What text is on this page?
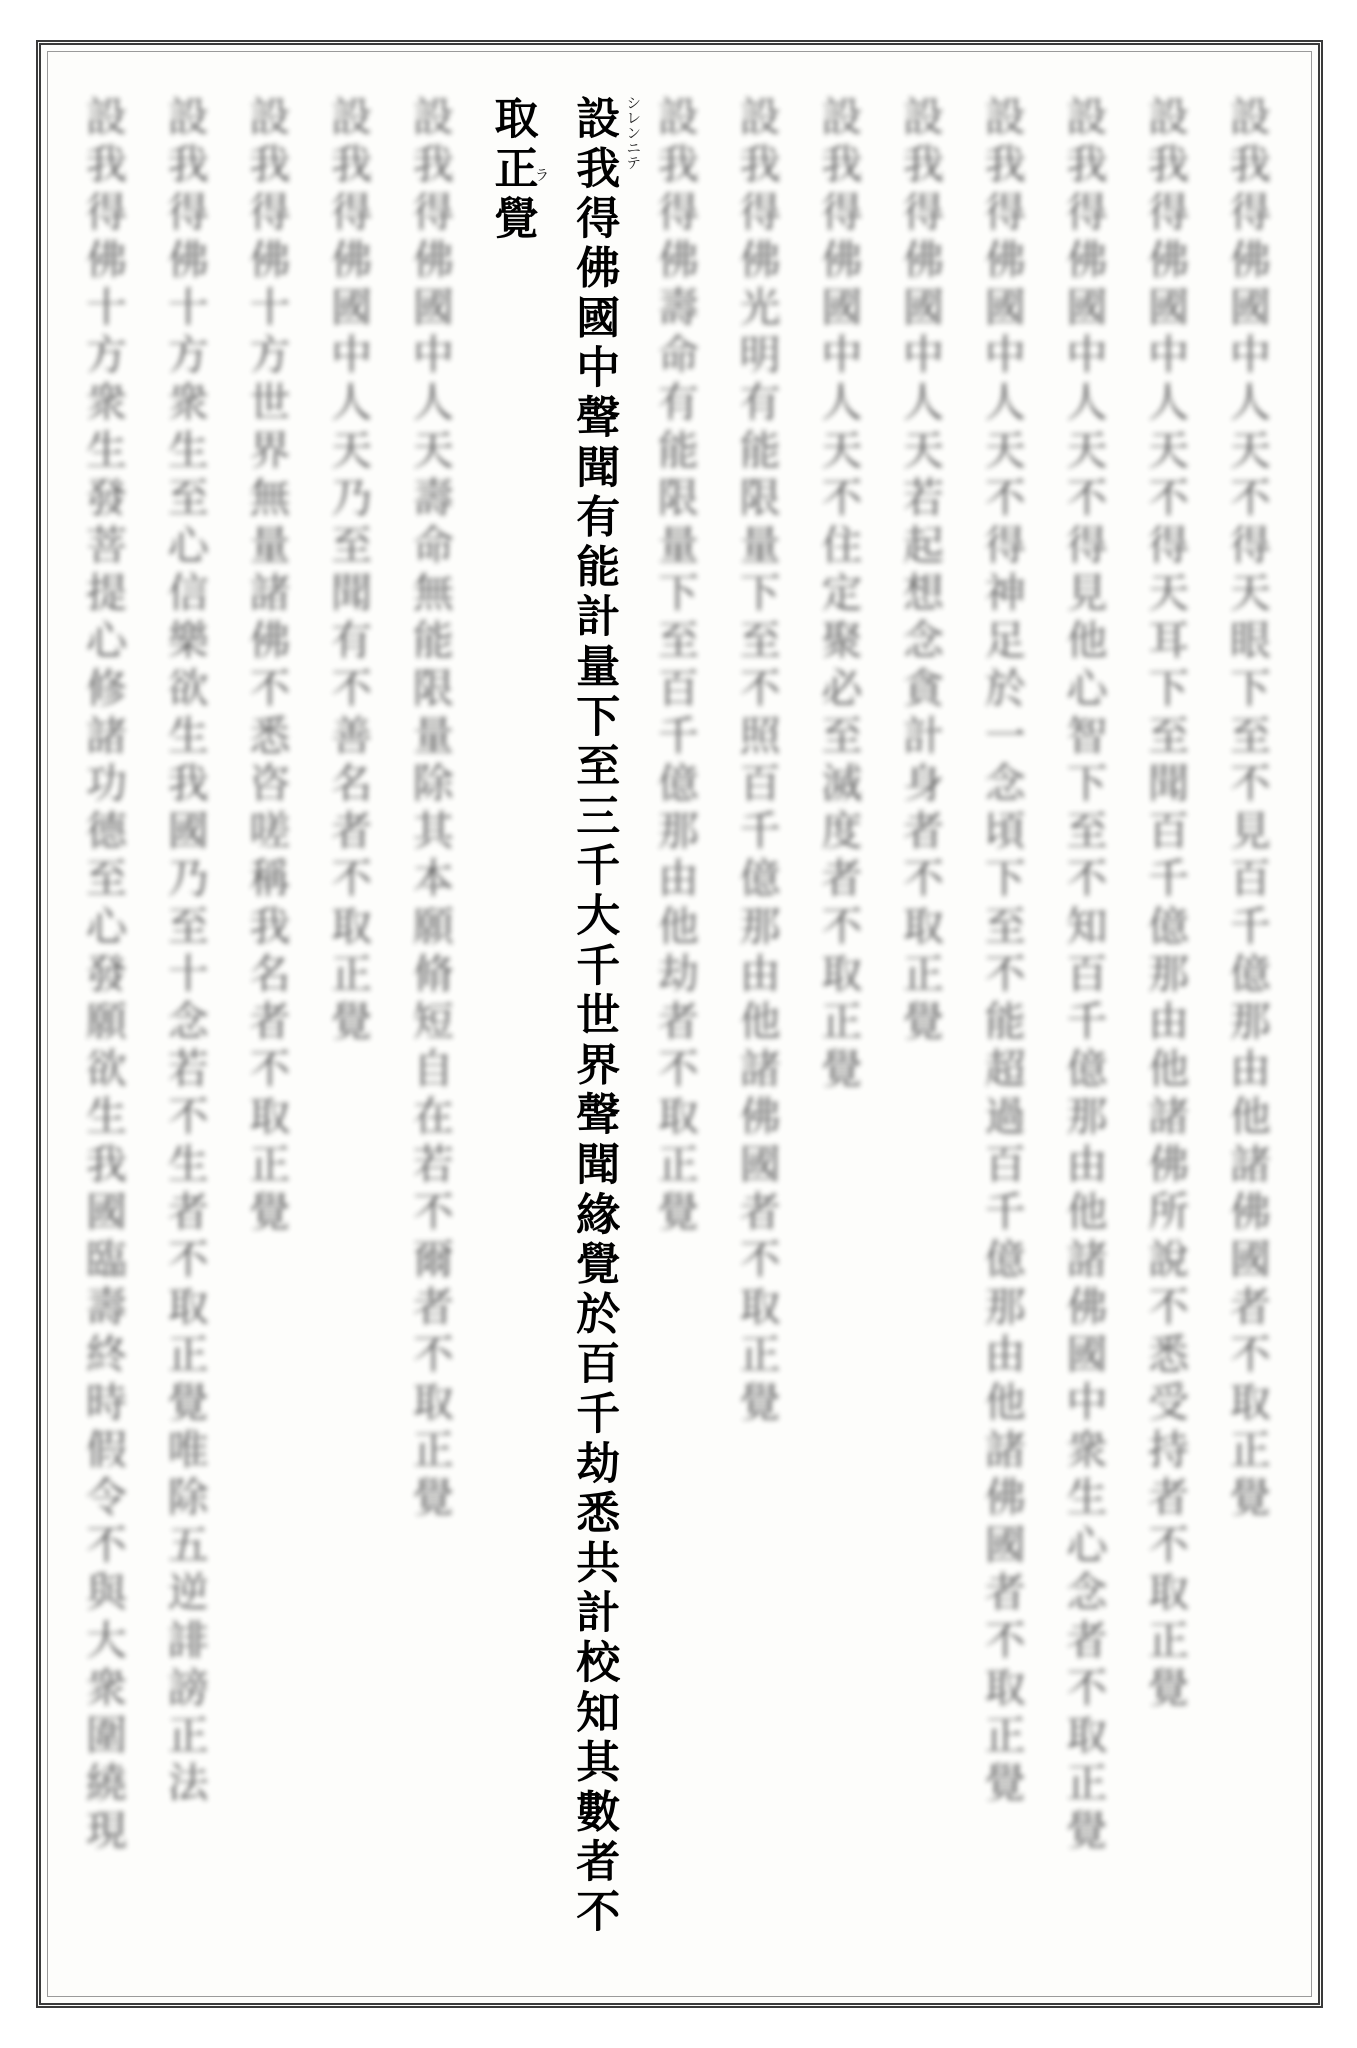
設我得佛國中人天不得天眼下至不見百千億那由他諸佛國者不取正覺
設我得佛國中人天不得天耳下至聞百千億那由他諸佛所說不悉受持者不取正覺
設我得佛國中人天不得見他心智下至不知百千億那由他諸佛國中衆生心念者不取正覺
設我得佛國中人天不得神足於一念頃下至不能超過百千億那由他諸佛國者不取正覺
設我得佛國中人天若起想念貪計身者不取正覺
設我得佛國中人天不住定聚必至滅度者不取正覺
設我得佛光明有能限量下至不照百千億那由他諸佛國者不取正覺
設我得佛壽命有能限量下至百千億那由他劫者不取正覺
設我得佛國中聲聞有能計量下至三千大千世界聲聞緣覺於百千劫悉共計校知其數者不 シレンニテ
取正覺
ラ
設我得佛國中人天壽命無能限量除其本願脩短自在若不爾者不取正覺
設我得佛國中人天乃至聞有不善名者不取正覺
設我得佛十方世界無量諸佛不悉咨嗟稱我名者不取正覺
設我得佛十方衆生至心信樂欲生我國乃至十念若不生者不取正覺唯除五逆誹謗正法
設我得佛十方衆生發菩提心修諸功德至心發願欲生我國臨壽終時假令不與大衆圍繞現
